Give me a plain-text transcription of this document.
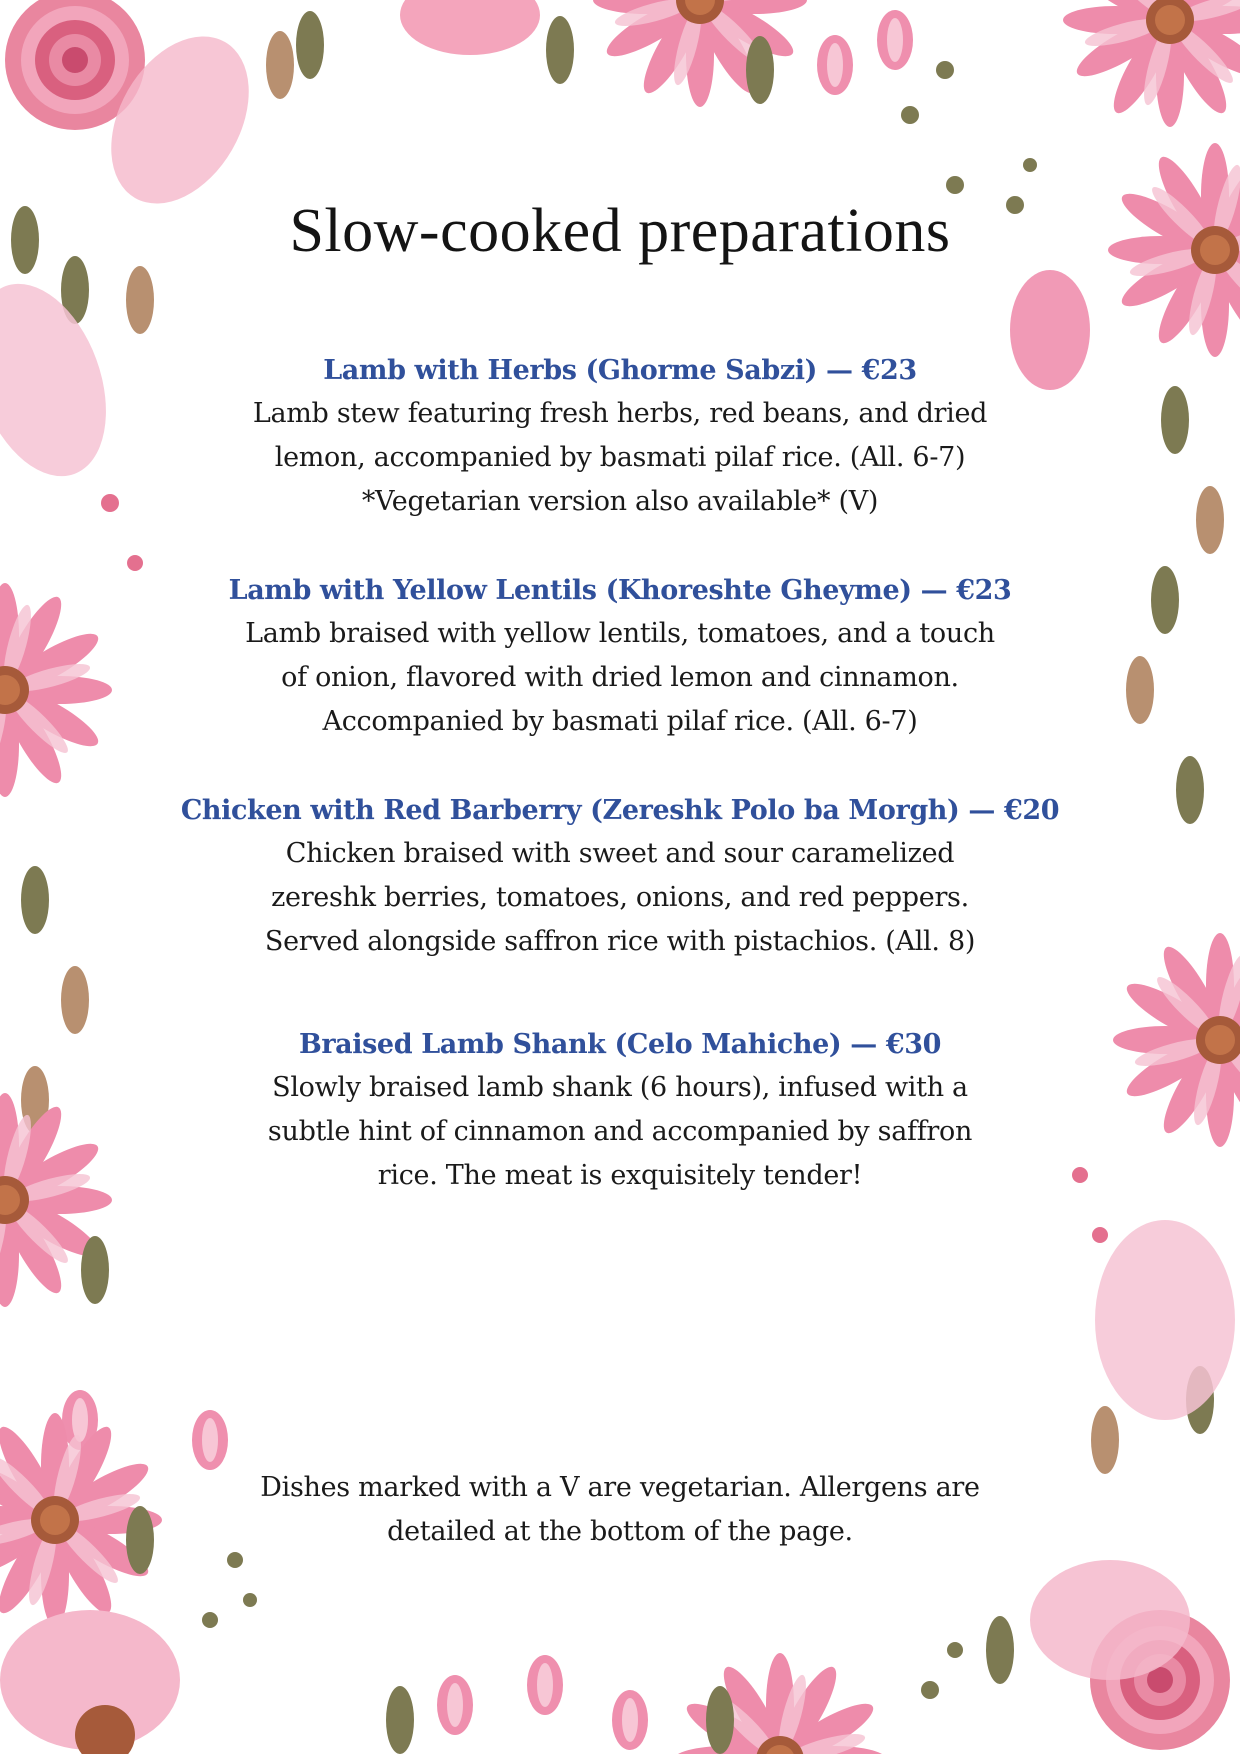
Slow-cooked preparations
Lamb with Herbs (Ghorme Sabzi) — €23
Lamb stew featuring fresh herbs, red beans, and dried
lemon, accompanied by basmati pilaf rice. (All. 6-7)
*Vegetarian version also available* (V)
Lamb with Yellow Lentils (Khoreshte Gheyme) — €23
Lamb braised with yellow lentils, tomatoes, and a touch
of onion, flavored with dried lemon and cinnamon.
Accompanied by basmati pilaf rice. (All. 6-7)
Chicken with Red Barberry (Zereshk Polo ba Morgh) — €20
Chicken braised with sweet and sour caramelized
zereshk berries, tomatoes, onions, and red peppers.
Served alongside saffron rice with pistachios. (All. 8)
Braised Lamb Shank (Celo Mahiche) — €30
Slowly braised lamb shank (6 hours), infused with a
subtle hint of cinnamon and accompanied by saffron
rice. The meat is exquisitely tender!
Dishes marked with a V are vegetarian. Allergens are
detailed at the bottom of the page.
